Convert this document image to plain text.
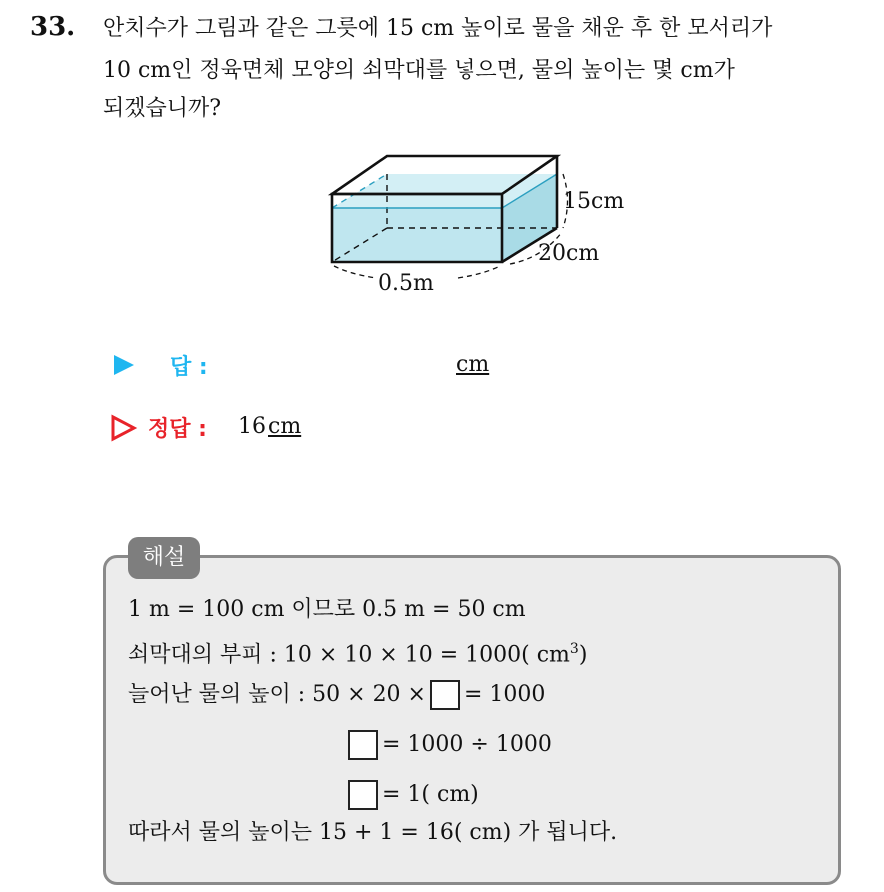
33. 안치수가 그림과 같은 그릇에 15 cm 높이로 물을 채운 후 한 모서리가
10 cm인 정육면체 모양의 쇠막대를 넣으면, 물의 높이는 몇 cm가
되겠습니까?
15cm
20cm
0.5m
답 :	cm
정답 : 16cm
해설
1 m = 100 cm 이므로 0.5 m = 50 cm
쇠막대의 부피 : 10 × 10 × 10 = 1000( $cm^3$)
늘어난 물의 높이 : 50 × 20 × = 1000
= 1000 ÷ 1000
= 1( cm)
따라서 물의 높이는 15 + 1 = 16( cm) 가 됩니다.
